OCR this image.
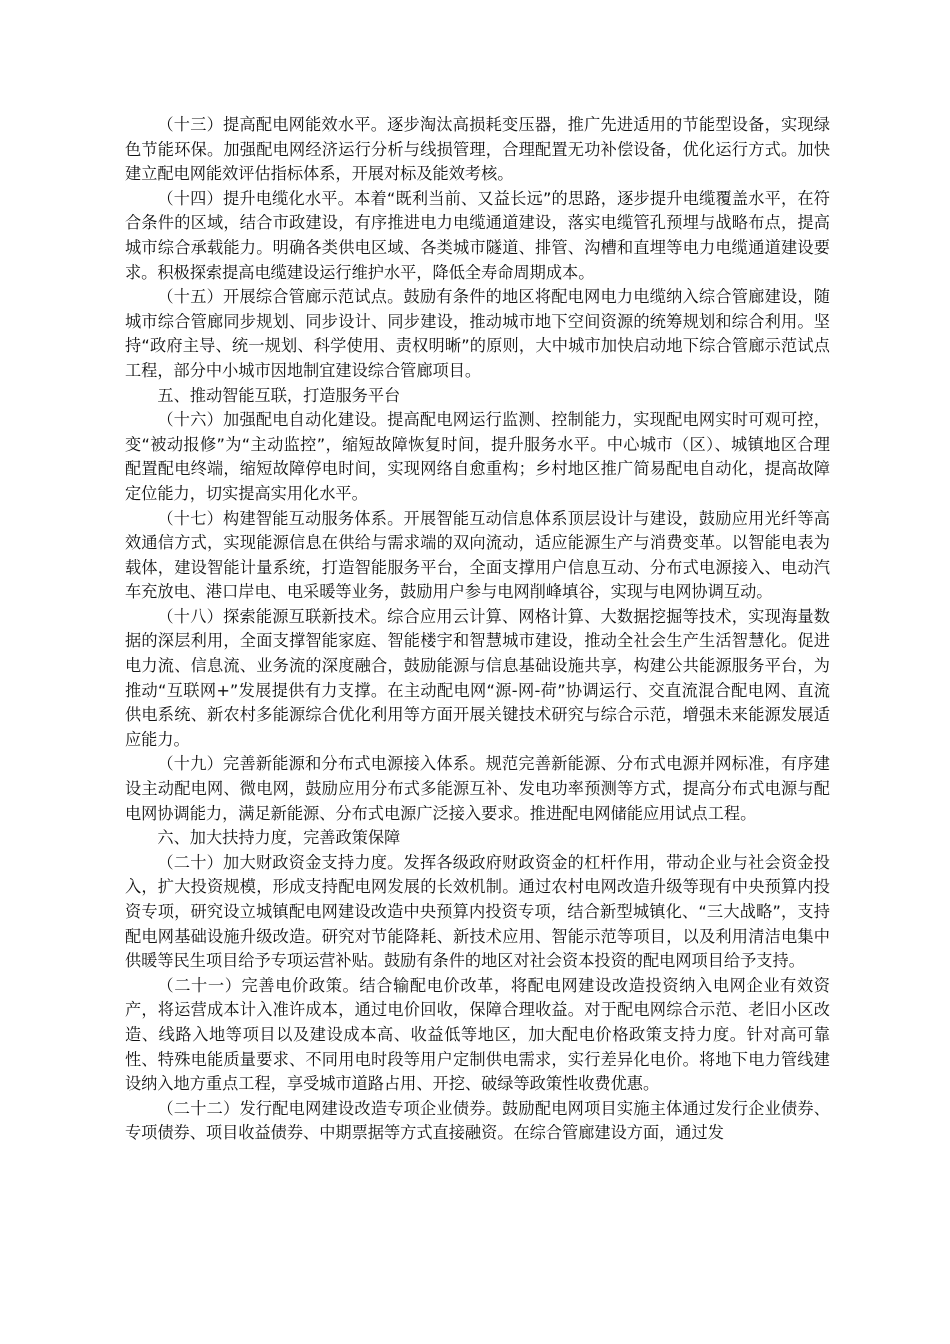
（十三）提高配电网能效水平。逐步淘汰高损耗变压器，推广先进适用的节能型设备，实现绿色节能环保。加强配电网经济运行分析与线损管理，合理配置无功补偿设备，优化运行方式。加快建立配电网能效评估指标体系，开展对标及能效考核。

（十四）提升电缆化水平。本着“既利当前、又益长远”的思路，逐步提升电缆覆盖水平，在符合条件的区域，结合市政建设，有序推进电力电缆通道建设，落实电缆管孔预埋与战略布点，提高城市综合承载能力。明确各类供电区域、各类城市隧道、排管、沟槽和直埋等电力电缆通道建设要求。积极探索提高电缆建设运行维护水平，降低全寿命周期成本。

（十五）开展综合管廊示范试点。鼓励有条件的地区将配电网电力电缆纳入综合管廊建设，随城市综合管廊同步规划、同步设计、同步建设，推动城市地下空间资源的统筹规划和综合利用。坚持“政府主导、统一规划、科学使用、责权明晰”的原则，大中城市加快启动地下综合管廊示范试点工程，部分中小城市因地制宜建设综合管廊项目。

五、推动智能互联，打造服务平台

（十六）加强配电自动化建设。提高配电网运行监测、控制能力，实现配电网实时可观可控，变“被动报修”为“主动监控”，缩短故障恢复时间，提升服务水平。中心城市（区）、城镇地区合理配置配电终端，缩短故障停电时间，实现网络自愈重构；乡村地区推广简易配电自动化，提高故障定位能力，切实提高实用化水平。

（十七）构建智能互动服务体系。开展智能互动信息体系顶层设计与建设，鼓励应用光纤等高效通信方式，实现能源信息在供给与需求端的双向流动，适应能源生产与消费变革。以智能电表为载体，建设智能计量系统，打造智能服务平台，全面支撑用户信息互动、分布式电源接入、电动汽车充放电、港口岸电、电采暖等业务，鼓励用户参与电网削峰填谷，实现与电网协调互动。

（十八）探索能源互联新技术。综合应用云计算、网格计算、大数据挖掘等技术，实现海量数据的深层利用，全面支撑智能家庭、智能楼宇和智慧城市建设，推动全社会生产生活智慧化。促进电力流、信息流、业务流的深度融合，鼓励能源与信息基础设施共享，构建公共能源服务平台，为推动“互联网+”发展提供有力支撑。在主动配电网“源-网-荷”协调运行、交直流混合配电网、直流供电系统、新农村多能源综合优化利用等方面开展关键技术研究与综合示范，增强未来能源发展适应能力。

（十九）完善新能源和分布式电源接入体系。规范完善新能源、分布式电源并网标准，有序建设主动配电网、微电网，鼓励应用分布式多能源互补、发电功率预测等方式，提高分布式电源与配电网协调能力，满足新能源、分布式电源广泛接入要求。推进配电网储能应用试点工程。

六、加大扶持力度，完善政策保障

（二十）加大财政资金支持力度。发挥各级政府财政资金的杠杆作用，带动企业与社会资金投入，扩大投资规模，形成支持配电网发展的长效机制。通过农村电网改造升级等现有中央预算内投资专项，研究设立城镇配电网建设改造中央预算内投资专项，结合新型城镇化、“三大战略”，支持配电网基础设施升级改造。研究对节能降耗、新技术应用、智能示范等项目，以及利用清洁电集中供暖等民生项目给予专项运营补贴。鼓励有条件的地区对社会资本投资的配电网项目给予支持。

（二十一）完善电价政策。结合输配电价改革，将配电网建设改造投资纳入电网企业有效资产，将运营成本计入准许成本，通过电价回收，保障合理收益。对于配电网综合示范、老旧小区改造、线路入地等项目以及建设成本高、收益低等地区，加大配电价格政策支持力度。针对高可靠性、特殊电能质量要求、不同用电时段等用户定制供电需求，实行差异化电价。将地下电力管线建设纳入地方重点工程，享受城市道路占用、开挖、破绿等政策性收费优惠。

（二十二）发行配电网建设改造专项企业债券。鼓励配电网项目实施主体通过发行企业债券、专项债券、项目收益债券、中期票据等方式直接融资。在综合管廊建设方面，通过发
